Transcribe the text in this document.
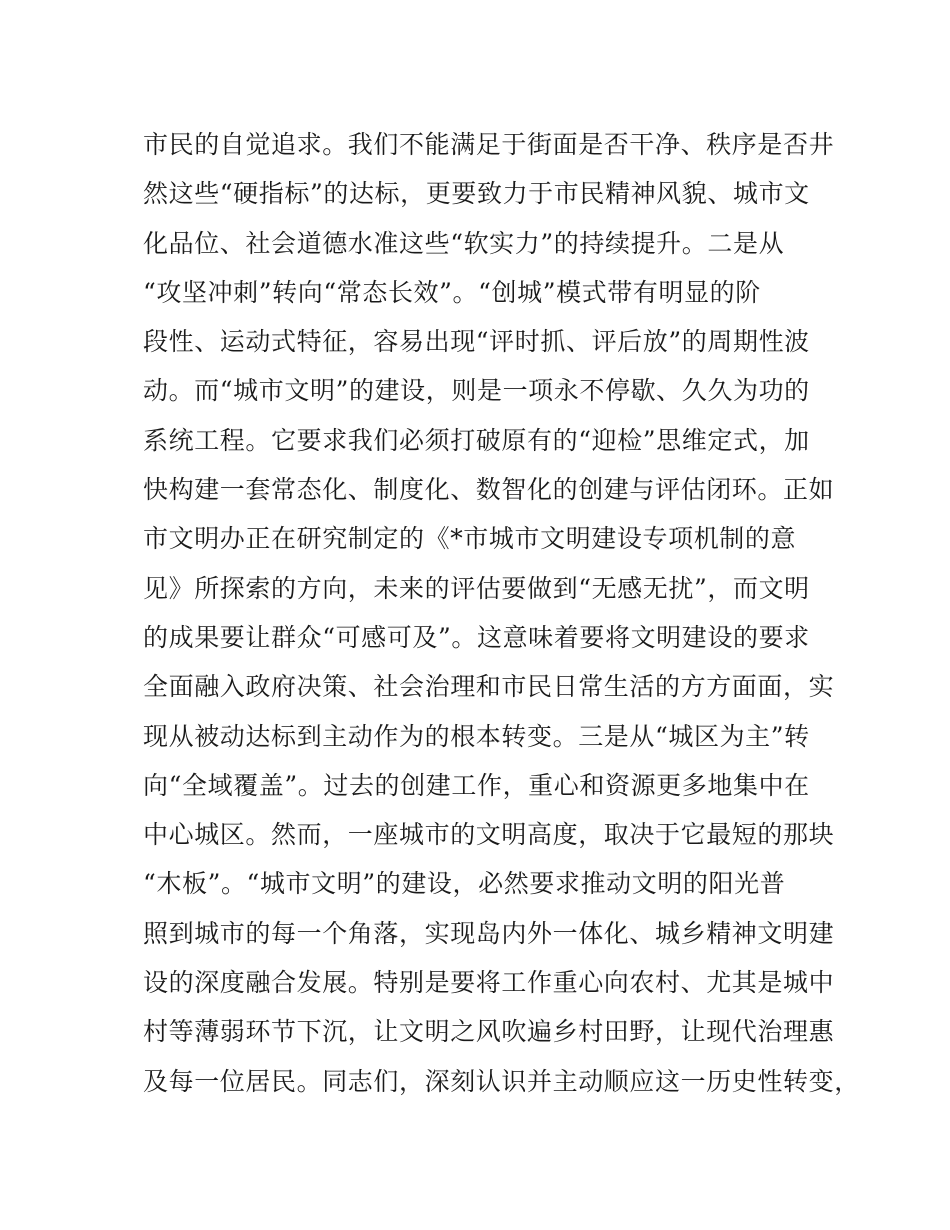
市民的自觉追求。我们不能满足于街面是否干净、秩序是否井
然这些“硬指标”的达标，更要致力于市民精神风貌、城市文
化品位、社会道德水准这些“软实力”的持续提升。二是从
“攻坚冲刺”转向“常态长效”。“创城”模式带有明显的阶
段性、运动式特征，容易出现“评时抓、评后放”的周期性波
动。而“城市文明”的建设，则是一项永不停歇、久久为功的
系统工程。它要求我们必须打破原有的“迎检”思维定式，加
快构建一套常态化、制度化、数智化的创建与评估闭环。正如
市文明办正在研究制定的《*市城市文明建设专项机制的意
见》所探索的方向，未来的评估要做到“无感无扰”，而文明
的成果要让群众“可感可及”。这意味着要将文明建设的要求
全面融入政府决策、社会治理和市民日常生活的方方面面，实
现从被动达标到主动作为的根本转变。三是从“城区为主”转
向“全域覆盖”。过去的创建工作，重心和资源更多地集中在
中心城区。然而，一座城市的文明高度，取决于它最短的那块
“木板”。“城市文明”的建设，必然要求推动文明的阳光普
照到城市的每一个角落，实现岛内外一体化、城乡精神文明建
设的深度融合发展。特别是要将工作重心向农村、尤其是城中
村等薄弱环节下沉，让文明之风吹遍乡村田野，让现代治理惠
及每一位居民。同志们，深刻认识并主动顺应这一历史性转变，
